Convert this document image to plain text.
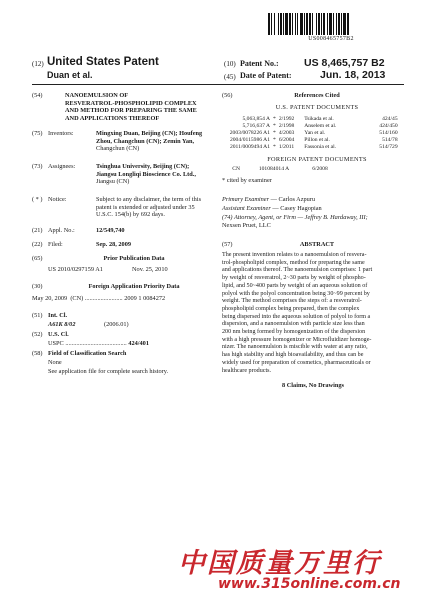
US008465757B2
(12) United States Patent
Duan et al.
(10) Patent No.: US 8,465,757 B2
(45) Date of Patent:	Jun. 18, 2013
(54)	NANOEMULSION OF
RESVERATROL-PHOSPHOLIPID COMPLEX
AND METHOD FOR PREPARING THE SAME
AND APPLICATIONS THEREOF
(75) Inventors:	Mingxing Duan, Beijing (CN); Houfeng
Zhou, Changchun (CN); Zemin Yan,
Changchun (CN)
(73) Assignees:	Tsinghua University, Beijing (CN);
Jiangsu Longliqi Bioscience Co. Ltd.,
Jiangsu (CN)
( * ) Notice:	Subject to any disclaimer, the term of this
patent is extended or adjusted under 35
U.S.C. 154(b) by 692 days.
(21) Appl. No.:	12/549,740
(22) Filed:	Sep. 28, 2009
(65)	Prior Publication Data
US 2010/0297159 A1	Nov. 25, 2010
(30)	Foreign Application Priority Data
May 20, 2009 (CN) ........................ 2009 1 0084272
(51) Int. Cl.
A61K 8/02	(2006.01)
(52) U.S. Cl.
USPC ....................................... 424/401
(58) Field of Classification Search
None
See application file for complete search history.
(56)	References Cited
U.S. PATENT DOCUMENTS
5,063,854 A * 2/1992 Tsikada et al.	424/45
5,716,637 A * 2/1998 Anselem et al.	424/450
2003/0078226 A1 * 4/2003 Yan et al.	514/160
2004/0115986 A1 * 6/2004 Pillon et al.	514/78
2011/0009494 A1 * 1/2011 Fassonia et al.	514/729
FOREIGN PATENT DOCUMENTS
CN	101084014 A	6/2008
* cited by examiner
Primary Examiner — Carlos Azpuru
Assistant Examiner — Casey Hagopian
(74) Attorney, Agent, or Firm — Jeffrey B. Hardaway, III;
Nexsen Pruet, LLC
(57)	ABSTRACT
The present invention relates to a nanoemulsion of resvera-
trol-phospholipid complex, method for preparing the same
and applications thereof. The nanoemulsion comprises: 1 part
by weight of resveratrol, 2~30 parts by weight of phospho-
lipid, and 50~400 parts by weight of an aqueous solution of
polyol with the polyol concentration being 30~99 percent by
weight. The method comprises the steps of: a resveratrol-
phospholipid complex being prepared, then the complex
being dispersed into the aqueous solution of polyol to form a
dispersion, and a nanoemulsion with particle size less than
200 nm being formed by homogenization of the dispersion
with a high pressure homogenizer or Microfluidizer homoge-
nizer. The nanoemulsion is miscible with water at any ratio,
has high stability and high bioavailability, and thus can be
widely used for preparation of cosmetics, pharmaceuticals or
healthcare products.
8 Claims, No Drawings
中国质量万里行
www.315online.com.cn
